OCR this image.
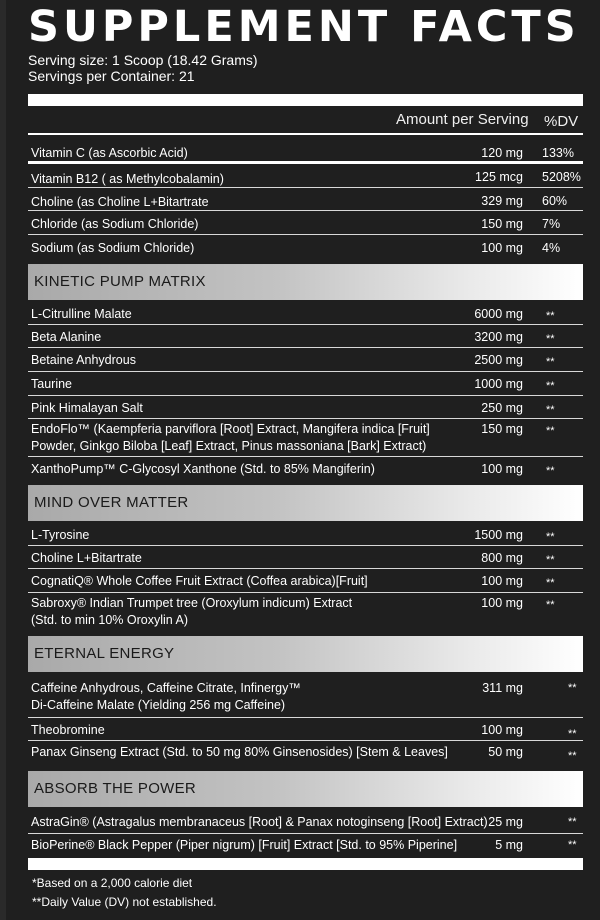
SUPPLEMENT FACTS
Serving size: 1 Scoop (18.42 Grams)
Servings per Container: 21
Amount per Serving %DV
Vitamin C (as Ascorbic Acid)	120 mg 133%
Vitamin B12 ( as Methylcobalamin)	125 mcg 5208%
Choline (as Choline L+Bitartrate	329 mg 60%
Chloride (as Sodium Chloride)	150 mg 7%
Sodium (as Sodium Chloride)	100 mg 4%
KINETIC PUMP MATRIX
L-Citrulline Malate	6000 mg **
Beta Alanine	3200 mg **
Betaine Anhydrous	2500 mg **
Taurine	1000 mg **
Pink Himalayan Salt	250 mg **
EndoFlo™ (Kaempferia parviflora [Root] Extract, Mangifera indica [Fruit]
Powder, Ginkgo Biloba [Leaf] Extract, Pinus massoniana [Bark] Extract)
150 mg **
XanthoPump™ C-Glycosyl Xanthone (Std. to 85% Mangiferin)	100 mg **
MIND OVER MATTER
L-Tyrosine	1500 mg **
Choline L+Bitartrate	800 mg **
CognatiQ® Whole Coffee Fruit Extract (Coffea arabica)[Fruit]	100 mg **
Sabroxy® Indian Trumpet tree (Oroxylum indicum) Extract
(Std. to min 10% Oroxylin A)
100 mg **
ETERNAL ENERGY
Caffeine Anhydrous, Caffeine Citrate, Infinergy™
Di-Caffeine Malate (Yielding 256 mg Caffeine)
311 mg	**
Theobromine	100 mg	**
Panax Ginseng Extract (Std. to 50 mg 80% Ginsenosides) [Stem & Leaves]	50 mg	**
ABSORB THE POWER
AstraGin® (Astragalus membranaceus [Root] & Panax notoginseng [Root] Extract) 25 mg	**
BioPerine® Black Pepper (Piper nigrum) [Fruit] Extract [Std. to 95% Piperine]	5 mg	**
*Based on a 2,000 calorie diet
**Daily Value (DV) not established.
